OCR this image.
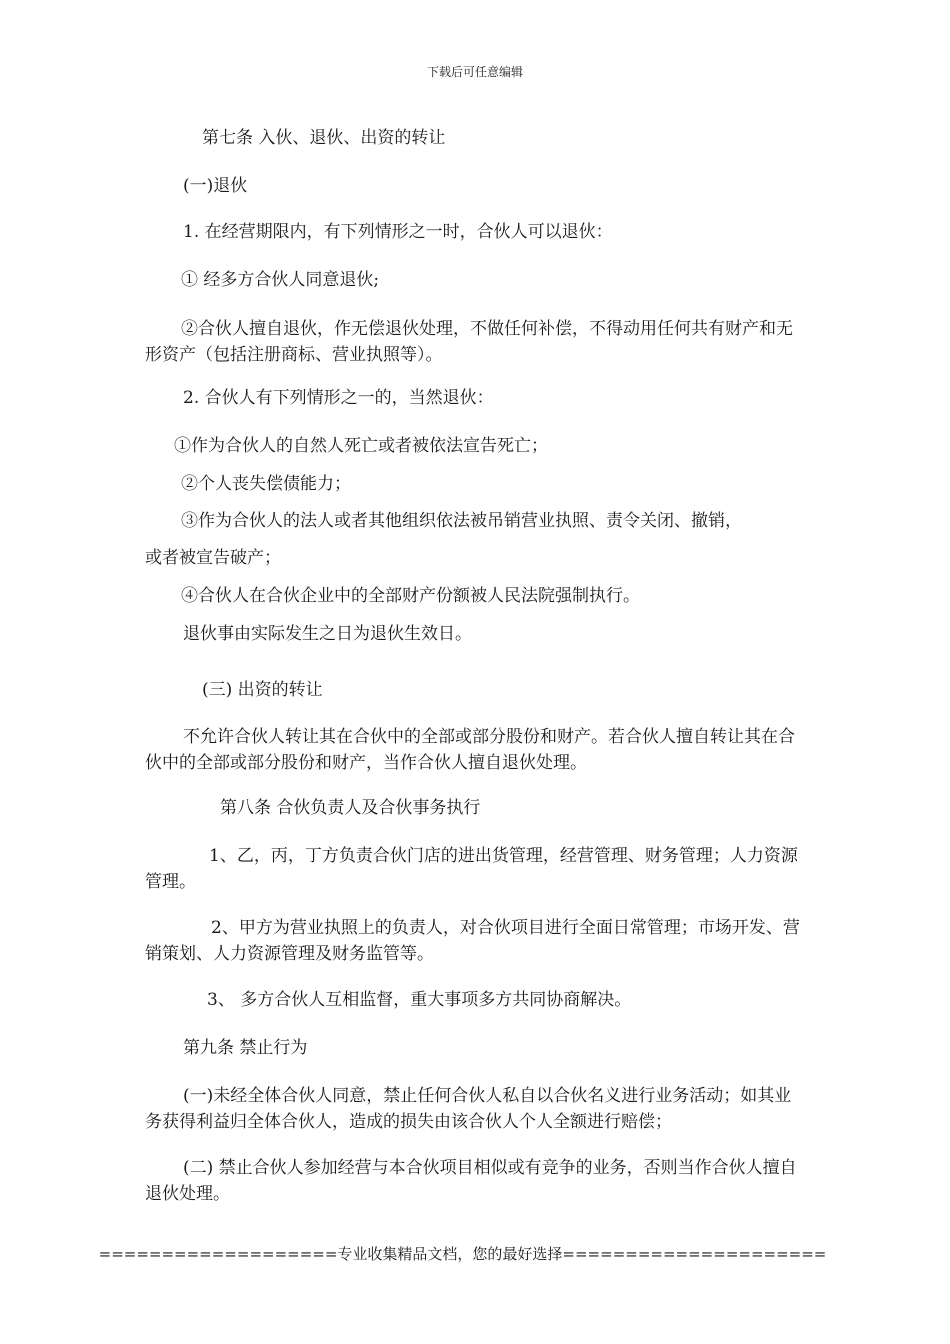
下载后可任意编辑

第七条 入伙、退伙、出资的转让

(一)退伙

1. 在经营期限内，有下列情形之一时，合伙人可以退伙：

① 经多方合伙人同意退伙;

②合伙人擅自退伙，作无偿退伙处理，不做任何补偿，不得动用任何共有财产和无形资产（包括注册商标、营业执照等）。

2. 合伙人有下列情形之一的，当然退伙：

①作为合伙人的自然人死亡或者被依法宣告死亡；

②个人丧失偿债能力；

③作为合伙人的法人或者其他组织依法被吊销营业执照、责令关闭、撤销，

或者被宣告破产；

④合伙人在合伙企业中的全部财产份额被人民法院强制执行。

退伙事由实际发生之日为退伙生效日。

(三) 出资的转让

不允许合伙人转让其在合伙中的全部或部分股份和财产。若合伙人擅自转让其在合伙中的全部或部分股份和财产，当作合伙人擅自退伙处理。

第八条 合伙负责人及合伙事务执行

1、乙，丙，丁方负责合伙门店的进出货管理，经营管理、财务管理；人力资源管理。

2、甲方为营业执照上的负责人，对合伙项目进行全面日常管理；市场开发、营销策划、人力资源管理及财务监管等。

3、 多方合伙人互相监督，重大事项多方共同协商解决。

第九条 禁止行为

(一)未经全体合伙人同意，禁止任何合伙人私自以合伙名义进行业务活动；如其业务获得利益归全体合伙人，造成的损失由该合伙人个人全额进行赔偿；

(二) 禁止合伙人参加经营与本合伙项目相似或有竞争的业务，否则当作合伙人擅自退伙处理。

===================专业收集精品文档，您的最好选择=====================
